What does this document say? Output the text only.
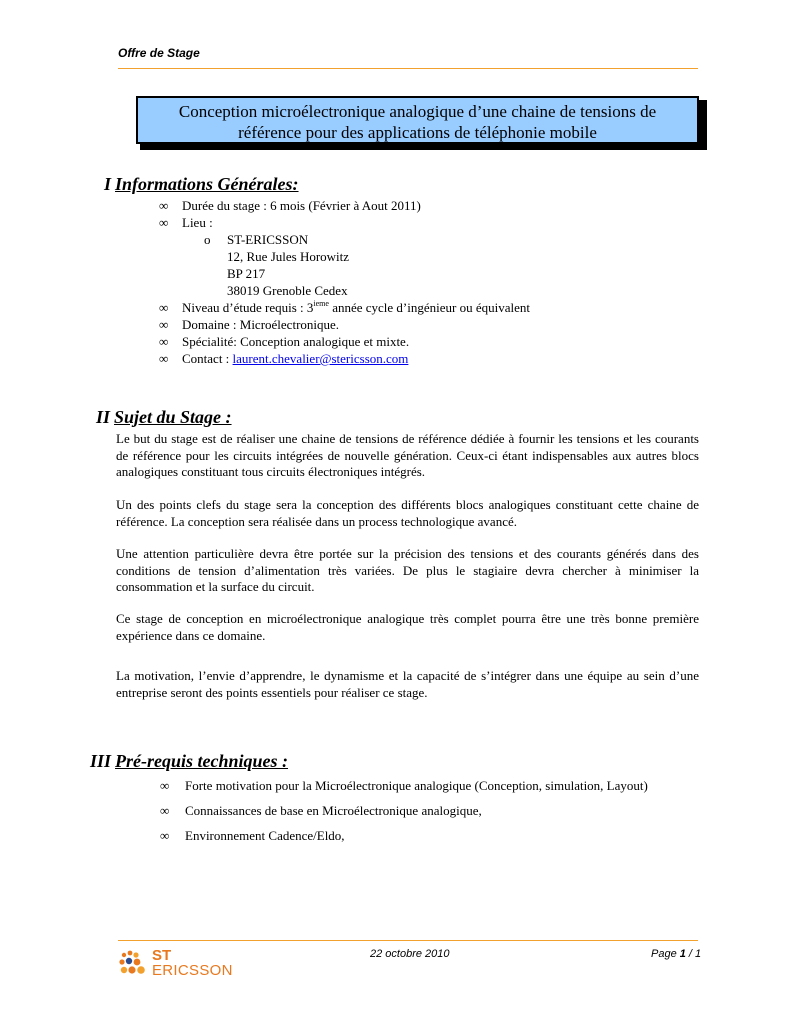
Offre de Stage
Conception microélectronique analogique d’une chaine de tensions de
référence pour des applications de téléphonie mobile
I Informations Générales:
∞ Durée du stage : 6 mois (Février à Aout 2011)
∞ Lieu :
o ST-ERICSSON
12, Rue Jules Horowitz
BP 217
38019 Grenoble Cedex
∞ Niveau d’étude requis : 3ieme année cycle d’ingénieur ou équivalent
∞ Domaine : Microélectronique.
∞ Spécialité: Conception analogique et mixte.
∞ Contact : laurent.chevalier@stericsson.com
II Sujet du Stage :

Le but du stage est de réaliser une chaine de tensions de référence dédiée à fournir les tensions et les courants de référence pour les circuits intégrées de nouvelle génération. Ceux-ci étant indispensables aux autres blocs analogiques constituant tous circuits électroniques intégrés.

Un des points clefs du stage sera la conception des différents blocs analogiques constituant cette chaine de référence. La conception sera réalisée dans un process technologique avancé.

Une attention particulière devra être portée sur la précision des tensions et des courants générés dans des conditions de tension d’alimentation très variées. De plus le stagiaire devra chercher à minimiser la consommation et la surface du circuit.

Ce stage de conception en microélectronique analogique très complet pourra être une très bonne première expérience dans ce domaine.

La motivation, l’envie d’apprendre, le dynamisme et la capacité de s’intégrer dans une équipe au sein d’une entreprise seront des points essentiels pour réaliser ce stage.

III Pré-requis techniques :
∞ Forte motivation pour la Microélectronique analogique (Conception, simulation, Layout)
∞ Connaissances de base en Microélectronique analogique,
∞ Environnement Cadence/Eldo,
ST
ERICSSON
22 octobre 2010	Page 1 / 1
